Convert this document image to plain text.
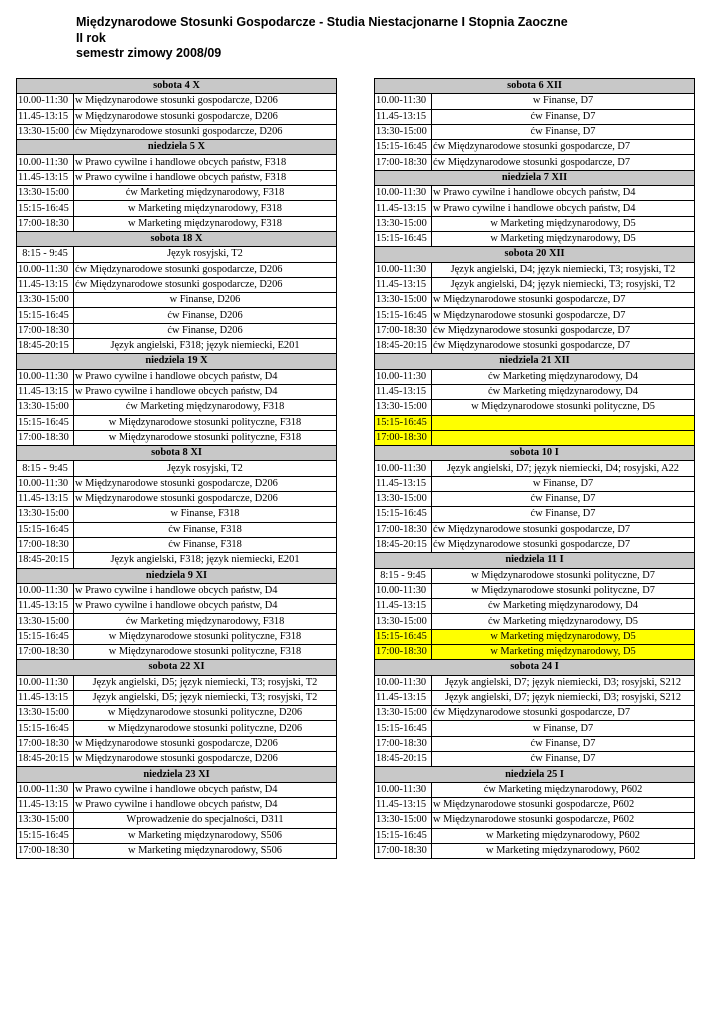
Międzynarodowe Stosunki Gospodarcze - Studia Niestacjonarne I Stopnia Zaoczne
II rok
semestr zimowy 2008/09
sobota 4 X	
10.00-11:30	w Międzynarodowe stosunki gospodarcze, D206
11.45-13:15	w Międzynarodowe stosunki gospodarcze, D206
13:30-15:00	ćw Międzynarodowe stosunki gospodarcze, D206
niedziela 5 X	
10.00-11:30	w Prawo cywilne i handlowe obcych państw, F318
11.45-13:15	w Prawo cywilne i handlowe obcych państw, F318
13:30-15:00	ćw Marketing międzynarodowy, F318
15:15-16:45	w Marketing międzynarodowy, F318
17:00-18:30	w Marketing międzynarodowy, F318
sobota 18 X	
8:15 - 9:45	Język rosyjski, T2
10.00-11:30	ćw Międzynarodowe stosunki gospodarcze, D206
11.45-13:15	ćw Międzynarodowe stosunki gospodarcze, D206
13:30-15:00	w Finanse, D206
15:15-16:45	ćw Finanse, D206
17:00-18:30	ćw Finanse, D206
18:45-20:15	Język angielski, F318; język niemiecki, E201
niedziela 19 X	
10.00-11:30	w Prawo cywilne i handlowe obcych państw, D4
11.45-13:15	w Prawo cywilne i handlowe obcych państw, D4
13:30-15:00	ćw Marketing międzynarodowy, F318
15:15-16:45	w Międzynarodowe stosunki polityczne, F318
17:00-18:30	w Międzynarodowe stosunki polityczne, F318
sobota 8 XI	
8:15 - 9:45	Język rosyjski, T2
10.00-11:30	w Międzynarodowe stosunki gospodarcze, D206
11.45-13:15	w Międzynarodowe stosunki gospodarcze, D206
13:30-15:00	w Finanse, F318
15:15-16:45	ćw Finanse, F318
17:00-18:30	ćw Finanse, F318
18:45-20:15	Język angielski, F318; język niemiecki, E201
niedziela 9 XI	
10.00-11:30	w Prawo cywilne i handlowe obcych państw, D4
11.45-13:15	w Prawo cywilne i handlowe obcych państw, D4
13:30-15:00	ćw Marketing międzynarodowy, F318
15:15-16:45	w Międzynarodowe stosunki polityczne, F318
17:00-18:30	w Międzynarodowe stosunki polityczne, F318
sobota 22 XI	
10.00-11:30	Język angielski, D5; język niemiecki, T3; rosyjski, T2
11.45-13:15	Język angielski, D5; język niemiecki, T3; rosyjski, T2
13:30-15:00	w Międzynarodowe stosunki polityczne, D206
15:15-16:45	w Międzynarodowe stosunki polityczne, D206
17:00-18:30	w Międzynarodowe stosunki gospodarcze, D206
18:45-20:15	w Międzynarodowe stosunki gospodarcze, D206
niedziela 23 XI	
10.00-11:30	w Prawo cywilne i handlowe obcych państw, D4
11.45-13:15	w Prawo cywilne i handlowe obcych państw, D4
13:30-15:00	Wprowadzenie do specjalności, D311
15:15-16:45	w Marketing międzynarodowy, S506
17:00-18:30	w Marketing międzynarodowy, S506
sobota 6 XII	
10.00-11:30	w Finanse, D7
11.45-13:15	ćw Finanse, D7
13:30-15:00	ćw Finanse, D7
15:15-16:45	ćw Międzynarodowe stosunki gospodarcze, D7
17:00-18:30	ćw Międzynarodowe stosunki gospodarcze, D7
niedziela 7 XII	
10.00-11:30	w Prawo cywilne i handlowe obcych państw, D4
11.45-13:15	w Prawo cywilne i handlowe obcych państw, D4
13:30-15:00	w Marketing międzynarodowy, D5
15:15-16:45	w Marketing międzynarodowy, D5
sobota 20 XII	
10.00-11:30	Język angielski, D4; język niemiecki, T3; rosyjski, T2
11.45-13:15	Język angielski, D4; język niemiecki, T3; rosyjski, T2
13:30-15:00	w Międzynarodowe stosunki gospodarcze, D7
15:15-16:45	w Międzynarodowe stosunki gospodarcze, D7
17:00-18:30	ćw Międzynarodowe stosunki gospodarcze, D7
18:45-20:15	ćw Międzynarodowe stosunki gospodarcze, D7
niedziela 21 XII	
10.00-11:30	ćw Marketing międzynarodowy, D4
11.45-13:15	ćw Marketing międzynarodowy, D4
13:30-15:00	w Międzynarodowe stosunki polityczne, D5
15:15-16:45	
17:00-18:30	
sobota 10 I	
10.00-11:30	Język angielski, D7; język niemiecki, D4; rosyjski, A22
11.45-13:15	w Finanse, D7
13:30-15:00	ćw Finanse, D7
15:15-16:45	ćw Finanse, D7
17:00-18:30	ćw Międzynarodowe stosunki gospodarcze, D7
18:45-20:15	ćw Międzynarodowe stosunki gospodarcze, D7
niedziela 11 I	
8:15 - 9:45	w Międzynarodowe stosunki polityczne, D7
10.00-11:30	w Międzynarodowe stosunki polityczne, D7
11.45-13:15	ćw Marketing międzynarodowy, D4
13:30-15:00	ćw Marketing międzynarodowy, D5
15:15-16:45	w Marketing międzynarodowy, D5
17:00-18:30	w Marketing międzynarodowy, D5
sobota 24 I	
10.00-11:30	Język angielski, D7; język niemiecki, D3; rosyjski, S212
11.45-13:15	Język angielski, D7; język niemiecki, D3; rosyjski, S212
13:30-15:00	ćw Międzynarodowe stosunki gospodarcze, D7
15:15-16:45	w Finanse, D7
17:00-18:30	ćw Finanse, D7
18:45-20:15	ćw Finanse, D7
niedziela 25 I	
10.00-11:30	ćw Marketing międzynarodowy, P602
11.45-13:15	w Międzynarodowe stosunki gospodarcze, P602
13:30-15:00	w Międzynarodowe stosunki gospodarcze, P602
15:15-16:45	w Marketing międzynarodowy, P602
17:00-18:30	w Marketing międzynarodowy, P602
